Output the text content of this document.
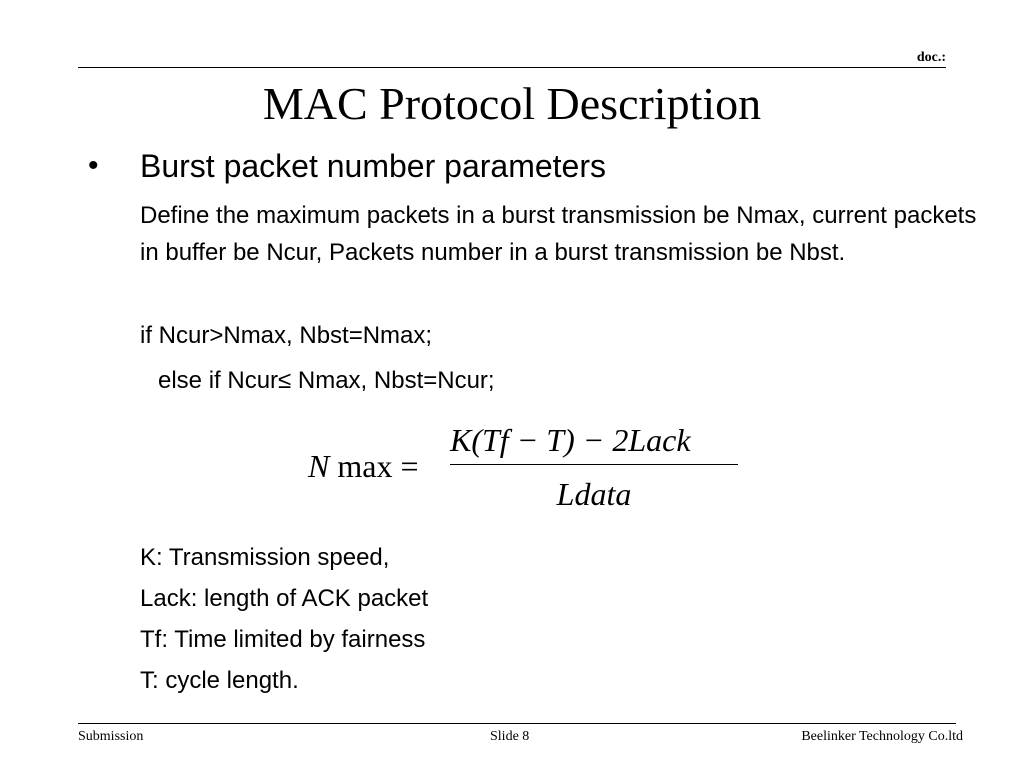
doc.:
MAC Protocol Description
• Burst packet number parameters
Define the maximum packets in a burst transmission be Nmax, current packets in buffer be Ncur, Packets number in a burst transmission be Nbst.
if Ncur>Nmax, Nbst=Nmax;
else if Ncur≤ Nmax, Nbst=Ncur;
N max =
K(Tf − T) − 2Lack
Ldata
K: Transmission speed,
Lack: length of ACK packet
Tf: Time limited by fairness
T: cycle length.
Submission	Slide 8	Beelinker Technology Co.ltd
